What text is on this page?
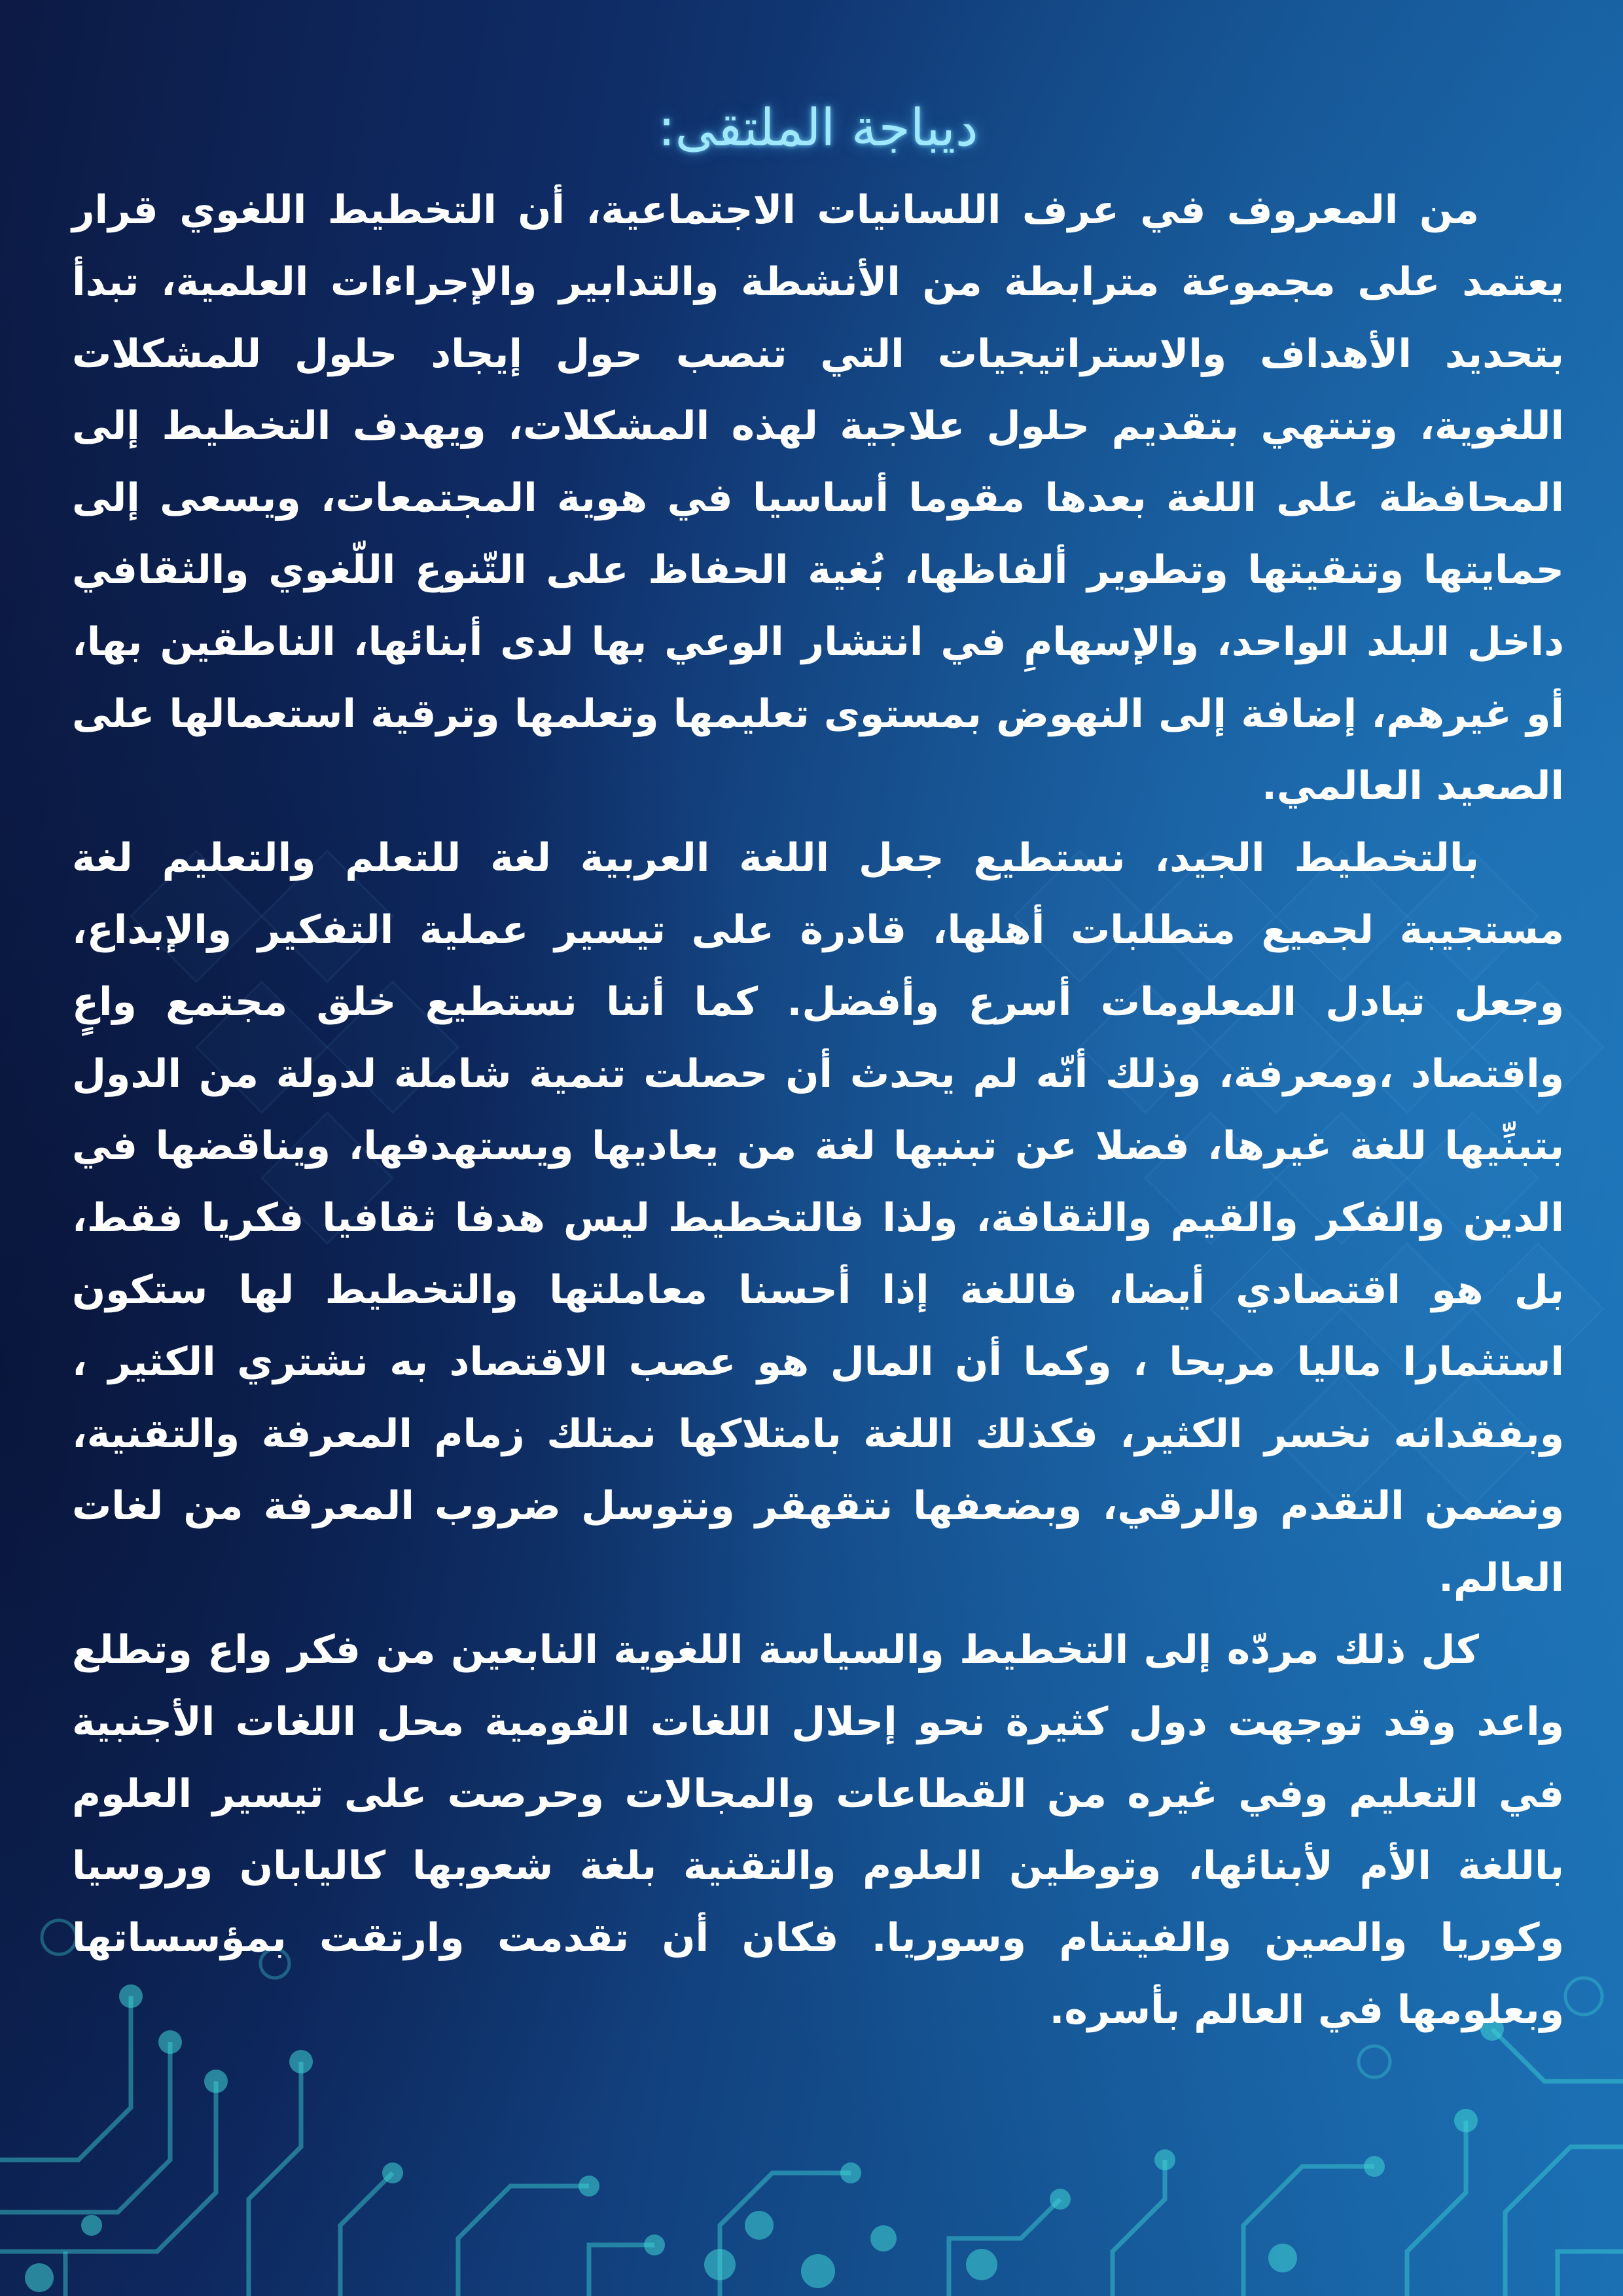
ديباجة الملتقى:

من المعروف في عرف اللسانيات الاجتماعية، أن التخطيط اللغوي قرار يعتمد على مجموعة مترابطة من الأنشطة والتدابير والإجراءات العلمية، تبدأ بتحديد الأهداف والاستراتيجيات التي تنصب حول إيجاد حلول للمشكلات اللغوية، وتنتهي بتقديم حلول علاجية لهذه المشكلات، ويهدف التخطيط إلى المحافظة على اللغة بعدها مقوما أساسيا في هوية المجتمعات، ويسعى إلى حمايتها وتنقيتها وتطوير ألفاظها، بُغية الحفاظ على التّنوع اللّغوي والثقافي داخل البلد الواحد، والإسهامِ في انتشار الوعي بها لدى أبنائها، الناطقين بها، أو غيرهم، إضافة إلى النهوض بمستوى تعليمها وتعلمها وترقية استعمالها على الصعيد العالمي.

بالتخطيط الجيد، نستطيع جعل اللغة العربية لغة للتعلم والتعليم لغة مستجيبة لجميع متطلبات أهلها، قادرة على تيسير عملية التفكير والإبداع، وجعل تبادل المعلومات أسرع وأفضل. كما أننا نستطيع خلق مجتمع واعٍ واقتصاد ،ومعرفة، وذلك أنّه لم يحدث أن حصلت تنمية شاملة لدولة من الدول بتبنِّيها للغة غيرها، فضلا عن تبنيها لغة من يعاديها ويستهدفها، ويناقضها في الدين والفكر والقيم والثقافة، ولذا فالتخطيط ليس هدفا ثقافيا فكريا فقط، بل هو اقتصادي أيضا، فاللغة إذا أحسنا معاملتها والتخطيط لها ستكون استثمارا ماليا مربحا ، وكما أن المال هو عصب الاقتصاد به نشتري الكثير ، وبفقدانه نخسر الكثير، فكذلك اللغة بامتلاكها نمتلك زمام المعرفة والتقنية، ونضمن التقدم والرقي، وبضعفها نتقهقر ونتوسل ضروب المعرفة من لغات العالم.

كل ذلك مردّه إلى التخطيط والسياسة اللغوية النابعين من فكر واع وتطلع واعد وقد توجهت دول كثيرة نحو إحلال اللغات القومية محل اللغات الأجنبية في التعليم وفي غيره من القطاعات والمجالات وحرصت على تيسير العلوم باللغة الأم لأبنائها، وتوطين العلوم والتقنية بلغة شعوبها كاليابان وروسيا وكوريا والصين والفيتنام وسوريا. فكان أن تقدمت وارتقت بمؤسساتها وبعلومها في العالم بأسره.
